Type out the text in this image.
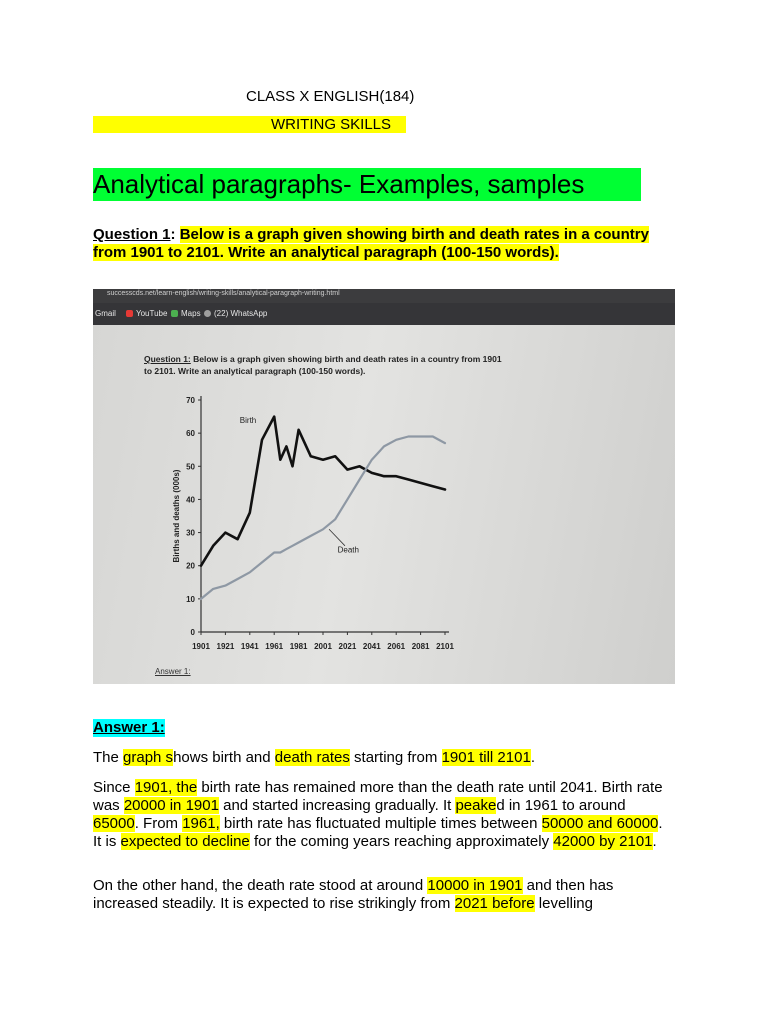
CLASS X ENGLISH(184)
WRITING SKILLS
Analytical paragraphs- Examples, samples
Question 1: Below is a graph given showing birth and death rates in a country from 1901 to 2101. Write an analytical paragraph (100-150 words).
successcds.net/learn-english/writing-skills/analytical-paragraph-writing.html
Gmail	YouTube	Maps	(22) WhatsApp
Question 1: Below is a graph given showing birth and death rates in a country from 1901 to 2101. Write an analytical paragraph (100-150 words).
0
10
20
30
40
50
60
70
1901 1921 1941 1961 1981 2001 2021 2041 2061 2081 2101
Births and deaths (000s)
Birth
Death
Answer 1:
Answer 1:
The graph shows birth and death rates starting from 1901 till 2101.
Since 1901, the birth rate has remained more than the death rate until 2041. Birth rate was 20000 in 1901 and started increasing gradually. It peaked in 1961 to around 65000. From 1961, birth rate has fluctuated multiple times between 50000 and 60000. It is expected to decline for the coming years reaching approximately 42000 by 2101.
On the other hand, the death rate stood at around 10000 in 1901 and then has increased steadily. It is expected to rise strikingly from 2021 before levelling
